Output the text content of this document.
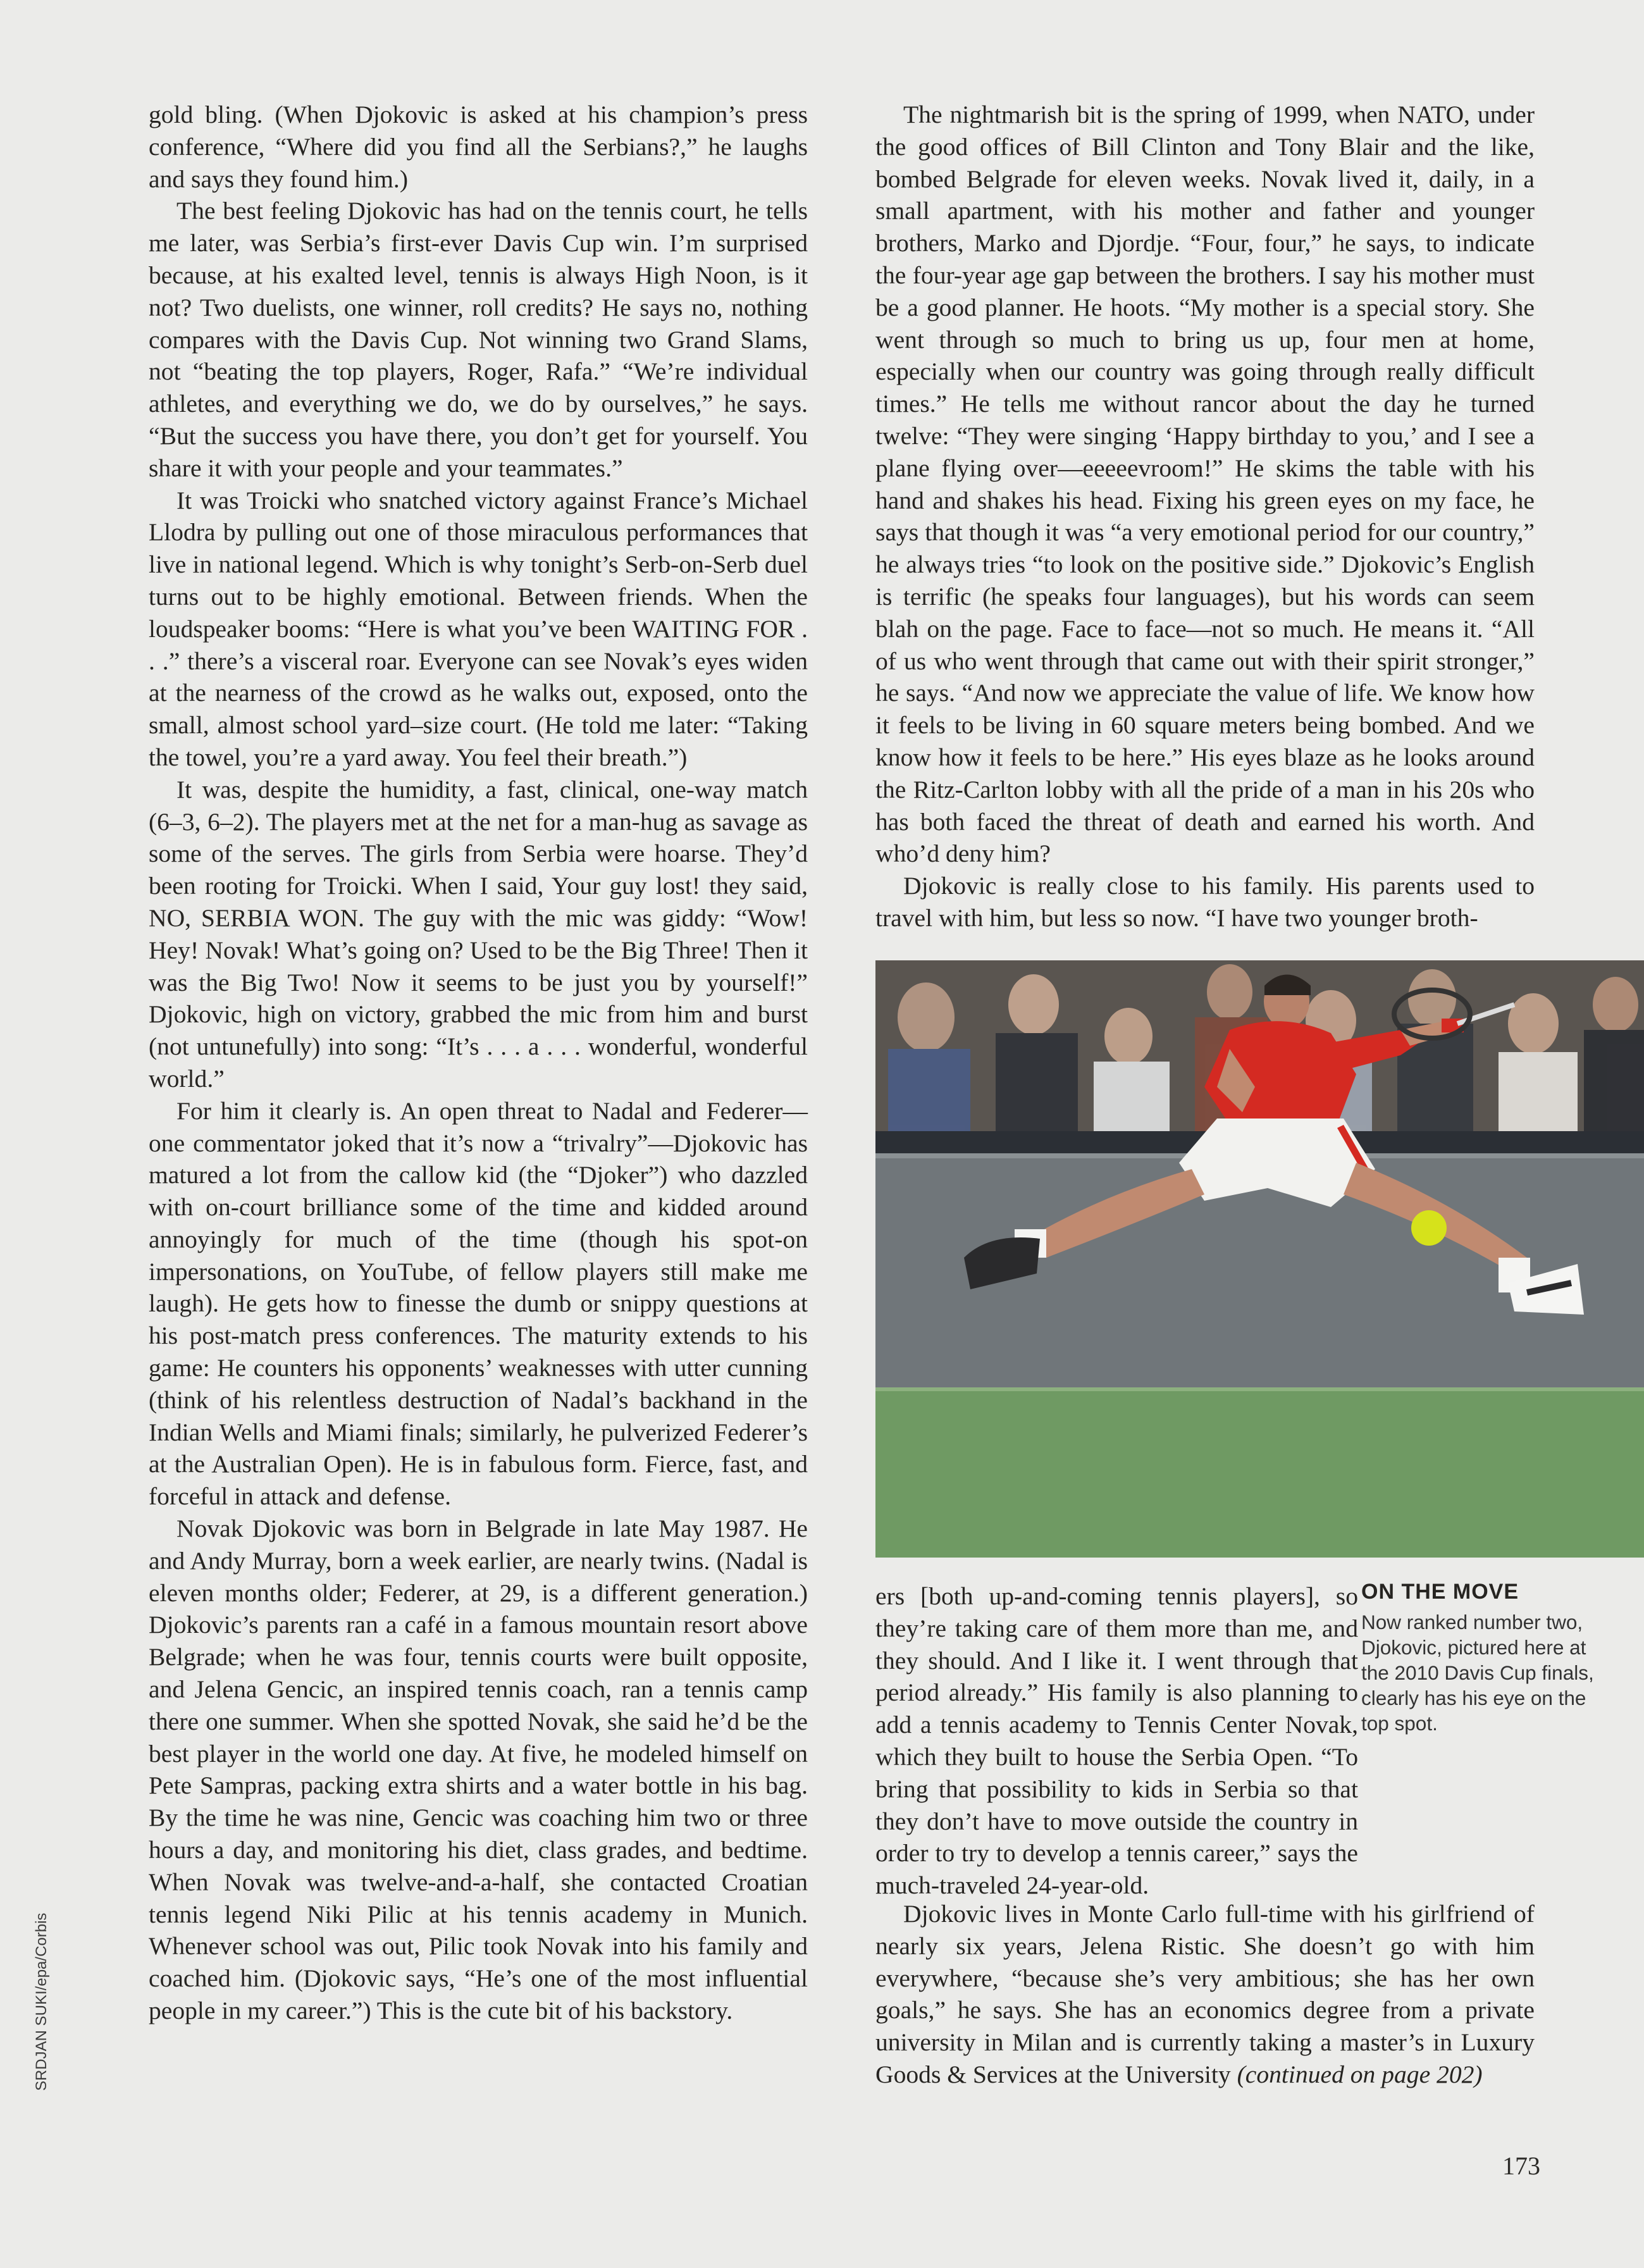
gold bling. (When Djokovic is asked at his champion’s press conference, “Where did you find all the Serbians?,” he laughs and says they found him.)

The best feeling Djokovic has had on the tennis court, he tells me later, was Serbia’s first-ever Davis Cup win. I’m surprised because, at his exalted level, tennis is always High Noon, is it not? Two duelists, one winner, roll credits? He says no, nothing compares with the Davis Cup. Not winning two Grand Slams, not “beating the top players, Roger, Rafa.” “We’re individual athletes, and everything we do, we do by ourselves,” he says. “But the success you have there, you don’t get for yourself. You share it with your people and your teammates.”

It was Troicki who snatched victory against France’s Michael Llodra by pulling out one of those miraculous performances that live in national legend. Which is why tonight’s Serb-on-Serb duel turns out to be highly emotional. Between friends. When the loudspeaker booms: “Here is what you’ve been WAITING FOR . . .” there’s a visceral roar. Everyone can see Novak’s eyes widen at the nearness of the crowd as he walks out, exposed, onto the small, almost school yard–size court. (He told me later: “Taking the towel, you’re a yard away. You feel their breath.”)

It was, despite the humidity, a fast, clinical, one-way match (6–3, 6–2). The players met at the net for a man-hug as savage as some of the serves. The girls from Serbia were hoarse. They’d been rooting for Troicki. When I said, Your guy lost! they said, NO, SERBIA WON. The guy with the mic was giddy: “Wow! Hey! Novak! What’s going on? Used to be the Big Three! Then it was the Big Two! Now it seems to be just you by yourself!” Djokovic, high on victory, grabbed the mic from him and burst (not untunefully) into song: “It’s . . . a . . . wonderful, wonderful world.”

For him it clearly is. An open threat to Nadal and Federer—one commentator joked that it’s now a “trivalry”—Djokovic has matured a lot from the callow kid (the “Djoker”) who dazzled with on-court brilliance some of the time and kidded around annoyingly for much of the time (though his spot-on impersonations, on YouTube, of fellow players still make me laugh). He gets how to finesse the dumb or snippy questions at his post-match press conferences. The maturity extends to his game: He counters his opponents’ weaknesses with utter cunning (think of his relentless destruction of Nadal’s backhand in the Indian Wells and Miami finals; similarly, he pulverized Federer’s at the Australian Open). He is in fabulous form. Fierce, fast, and forceful in attack and defense.

Novak Djokovic was born in Belgrade in late May 1987. He and Andy Murray, born a week earlier, are nearly twins. (Nadal is eleven months older; Federer, at 29, is a different generation.) Djokovic’s parents ran a café in a famous mountain resort above Belgrade; when he was four, tennis courts were built opposite, and Jelena Gencic, an inspired tennis coach, ran a tennis camp there one summer. When she spotted Novak, she said he’d be the best player in the world one day. At five, he modeled himself on Pete Sampras, packing extra shirts and a water bottle in his bag. By the time he was nine, Gencic was coaching him two or three hours a day, and monitoring his diet, class grades, and bedtime. When Novak was twelve-and-a-half, she contacted Croatian tennis legend Niki Pilic at his tennis academy in Munich. Whenever school was out, Pilic took Novak into his family and coached him. (Djokovic says, “He’s one of the most influential people in my career.”) This is the cute bit of his backstory.

The nightmarish bit is the spring of 1999, when NATO, under the good offices of Bill Clinton and Tony Blair and the like, bombed Belgrade for eleven weeks. Novak lived it, daily, in a small apartment, with his mother and father and younger brothers, Marko and Djordje. “Four, four,” he says, to indicate the four-year age gap between the brothers. I say his mother must be a good planner. He hoots. “My mother is a special story. She went through so much to bring us up, four men at home, especially when our country was going through really difficult times.” He tells me without rancor about the day he turned twelve: “They were singing ‘Happy birthday to you,’ and I see a plane flying over—eeeeevroom!” He skims the table with his hand and shakes his head. Fixing his green eyes on my face, he says that though it was “a very emotional period for our country,” he always tries “to look on the positive side.” Djokovic’s English is terrific (he speaks four languages), but his words can seem blah on the page. Face to face—not so much. He means it. “All of us who went through that came out with their spirit stronger,” he says. “And now we appreciate the value of life. We know how it feels to be living in 60 square meters being bombed. And we know how it feels to be here.” His eyes blaze as he looks around the Ritz-Carlton lobby with all the pride of a man in his 20s who has both faced the threat of death and earned his worth. And who’d deny him?

Djokovic is really close to his family. His parents used to travel with him, but less so now. “I have two younger broth-

ers [both up-and-coming tennis players], so they’re taking care of them more than me, and they should. And I like it. I went through that period already.” His family is also planning to add a tennis academy to Tennis Center Novak, which they built to house the Serbia Open. “To bring that possibility to kids in Serbia so that they don’t have to move outside the country in order to try to develop a tennis career,” says the much-traveled 24-year-old.
ON THE MOVE
Now ranked number two, Djokovic, pictured here at the 2010 Davis Cup finals, clearly has his eye on the top spot.

Djokovic lives in Monte Carlo full-time with his girlfriend of nearly six years, Jelena Ristic. She doesn’t go with him everywhere, “because she’s very ambitious; she has her own goals,” he says. She has an economics degree from a private university in Milan and is currently taking a master’s in Luxury Goods & Services at the University (continued on page 202)

SRDJAN SUKI/epa/Corbis
173
